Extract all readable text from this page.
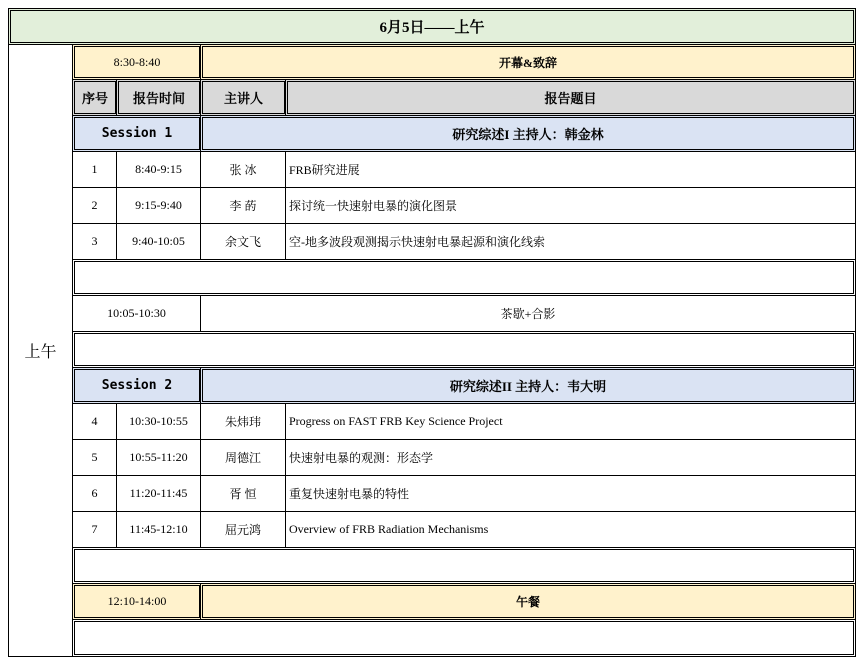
6月5日——上午
上午
8:30-8:40	开幕&致辞
序号	报告时间	主讲人	报告题目
Session 1	研究综述I 主持人：韩金林
1	8:40-9:15	张 冰	FRB研究进展
2	9:15-9:40	李 菂	探讨统一快速射电暴的演化图景
3	9:40-10:05	余文飞	空-地多波段观测揭示快速射电暴起源和演化线索
10:05-10:30	茶歇+合影
Session 2	研究综述II 主持人：韦大明
4	10:30-10:55	朱炜玮	Progress on FAST FRB Key Science Project
5	10:55-11:20	周德江	快速射电暴的观测：形态学
6	11:20-11:45	胥 恒	重复快速射电暴的特性
7	11:45-12:10	屈元鸿	Overview of FRB Radiation Mechanisms
12:10-14:00	午餐
